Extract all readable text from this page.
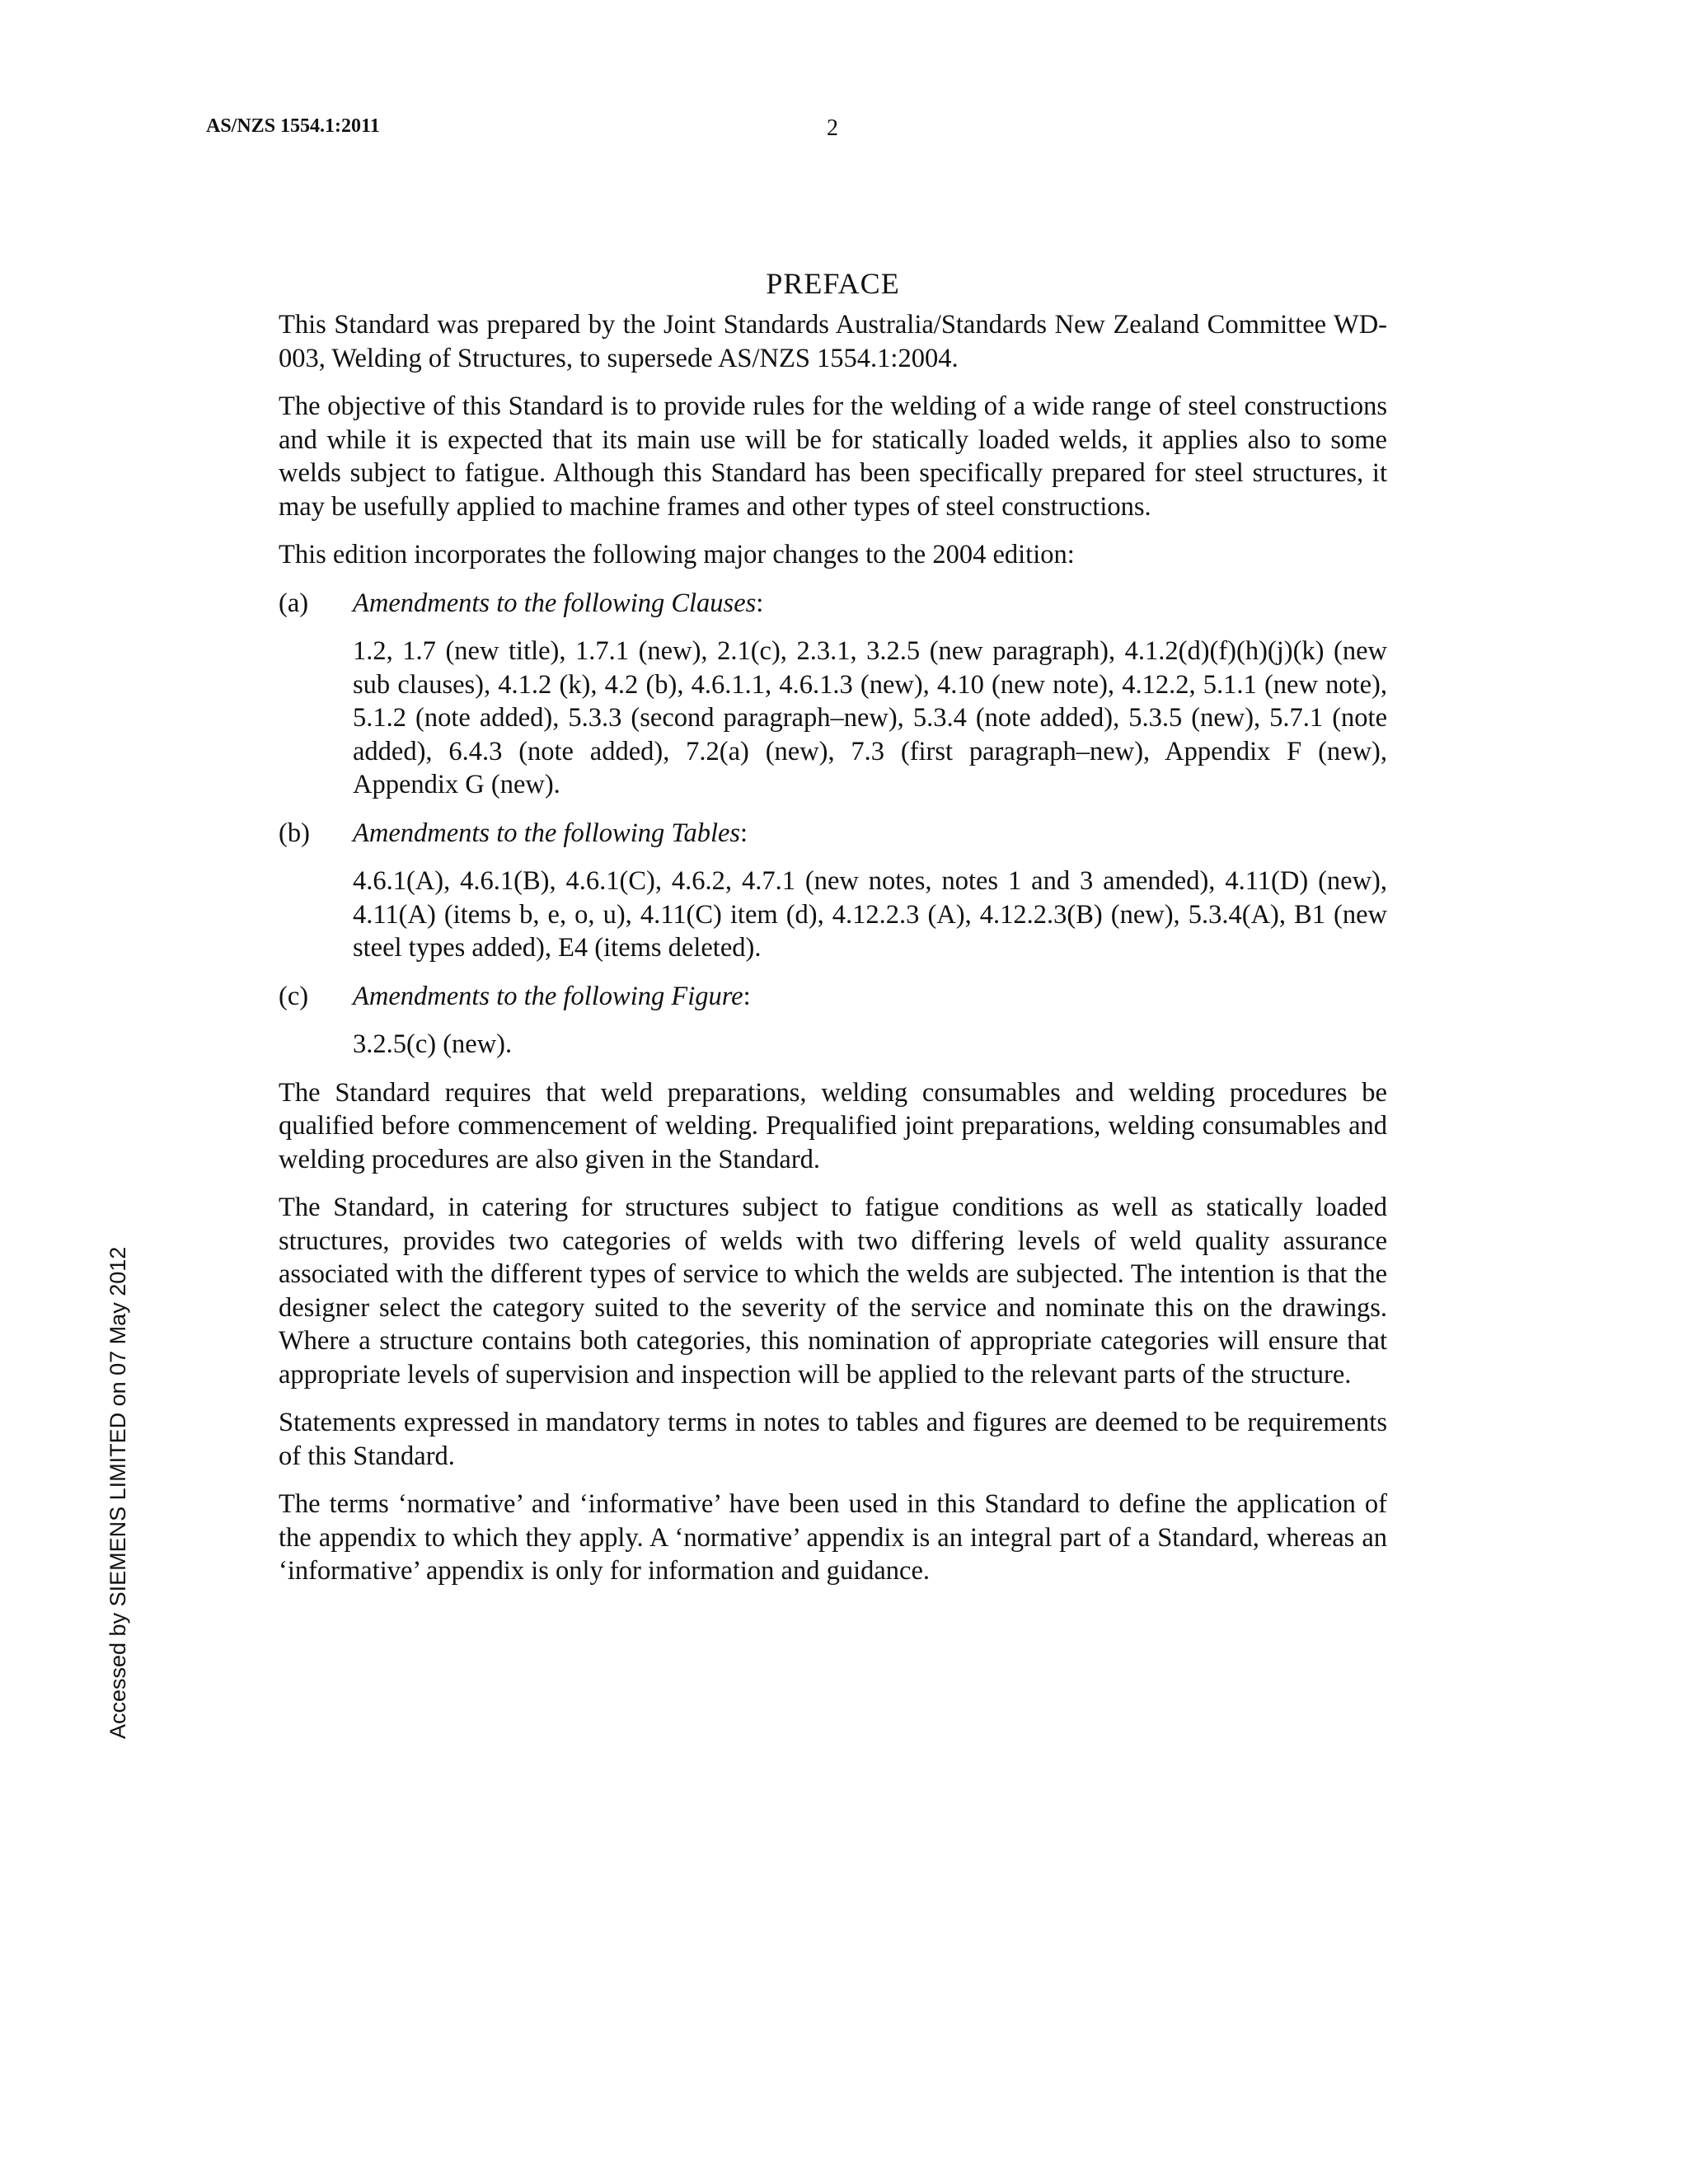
AS/NZS 1554.1:2011	2
Accessed by SIEMENS LIMITED on 07 May 2012
PREFACE

This Standard was prepared by the Joint Standards Australia/Standards New Zealand Committee WD-003, Welding of Structures, to supersede AS/NZS 1554.1:2004.

The objective of this Standard is to provide rules for the welding of a wide range of steel constructions and while it is expected that its main use will be for statically loaded welds, it applies also to some welds subject to fatigue. Although this Standard has been specifically prepared for steel structures, it may be usefully applied to machine frames and other types of steel constructions.

This edition incorporates the following major changes to the 2004 edition:

(a) Amendments to the following Clauses:

1.2, 1.7 (new title), 1.7.1 (new), 2.1(c), 2.3.1, 3.2.5 (new paragraph), 4.1.2(d)(f)(h)(j)(k) (new sub clauses), 4.1.2 (k), 4.2 (b), 4.6.1.1, 4.6.1.3 (new), 4.10 (new note), 4.12.2, 5.1.1 (new note), 5.1.2 (note added), 5.3.3 (second paragraph–new), 5.3.4 (note added), 5.3.5 (new), 5.7.1 (note added), 6.4.3 (note added), 7.2(a) (new), 7.3 (first paragraph–new), Appendix F (new), Appendix G (new).

(b) Amendments to the following Tables:

4.6.1(A), 4.6.1(B), 4.6.1(C), 4.6.2, 4.7.1 (new notes, notes 1 and 3 amended), 4.11(D) (new), 4.11(A) (items b, e, o, u), 4.11(C) item (d), 4.12.2.3 (A), 4.12.2.3(B) (new), 5.3.4(A), B1 (new steel types added), E4 (items deleted).

(c) Amendments to the following Figure:

3.2.5(c) (new).

The Standard requires that weld preparations, welding consumables and welding procedures be qualified before commencement of welding. Prequalified joint preparations, welding consumables and welding procedures are also given in the Standard.

The Standard, in catering for structures subject to fatigue conditions as well as statically loaded structures, provides two categories of welds with two differing levels of weld quality assurance associated with the different types of service to which the welds are subjected. The intention is that the designer select the category suited to the severity of the service and nominate this on the drawings. Where a structure contains both categories, this nomination of appropriate categories will ensure that appropriate levels of supervision and inspection will be applied to the relevant parts of the structure.

Statements expressed in mandatory terms in notes to tables and figures are deemed to be requirements of this Standard.

The terms ‘normative’ and ‘informative’ have been used in this Standard to define the application of the appendix to which they apply. A ‘normative’ appendix is an integral part of a Standard, whereas an ‘informative’ appendix is only for information and guidance.
